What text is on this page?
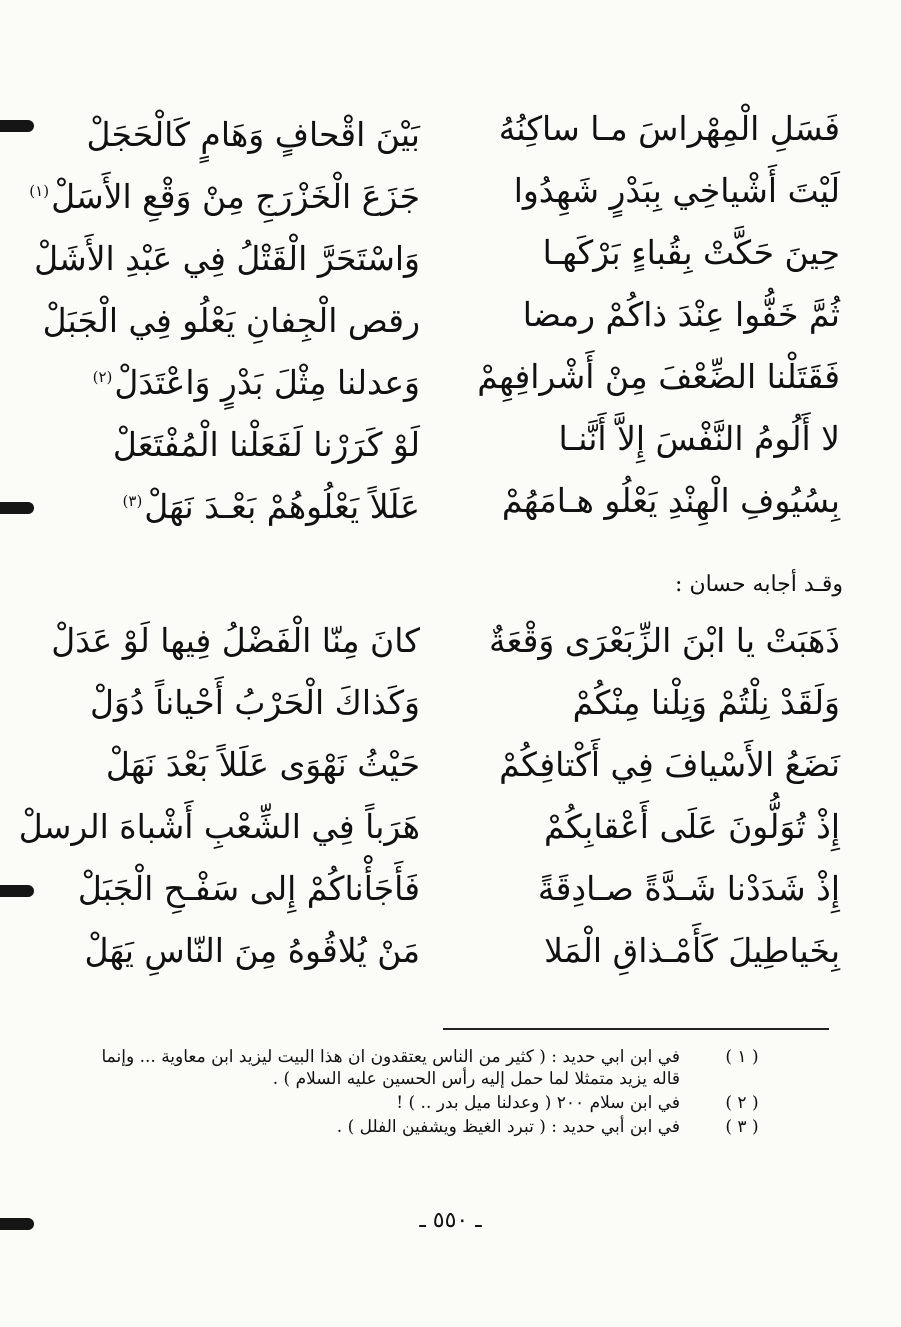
فَسَلِ الْمِهْراسَ مـا ساكِنُهُ
بَيْنَ اقْحافٍ وَهَامٍ كَالْحَجَلْ
لَيْتَ أَشْياخِي بِبَدْرٍ شَهِدُوا
جَزَعَ الْخَزْرَجِ مِنْ وَقْعِ الأَسَلْ$^{(١)}$
حِينَ حَكَّتْ بِقُباءٍ بَرْكَهـا
وَاسْتَحَرَّ الْقَتْلُ فِي عَبْدِ الأَشَلْ
ثُمَّ خَفُّوا عِنْدَ ذاكُمْ رمضا
رقص الْجِفانِ يَعْلُو فِي الْجَبَلْ
فَقَتَلْنا الضِّعْفَ مِنْ أَشْرافِهِمْ
وَعدلنا مِثْلَ بَدْرٍ وَاعْتَدَلْ$^{(٢)}$
لا أَلُومُ النَّفْسَ إِلاَّ أَنَّنـا
لَوْ كَرَرْنا لَفَعَلْنا الْمُفْتَعَلْ
بِسُيُوفِ الْهِنْدِ يَعْلُو هـامَهُمْ
عَلَلاً يَعْلُوهُمْ بَعْـدَ نَهَلْ$^{(٣)}$
وقـد أجابه حسان :
ذَهَبَتْ يا ابْنَ الزِّبَعْرَى وَقْعَةٌ
كانَ مِنّا الْفَضْلُ فِيها لَوْ عَدَلْ
وَلَقَدْ نِلْتُمْ وَنِلْنا مِنْكُمْ
وَكَذاكَ الْحَرْبُ أَحْياناً دُوَلْ
نَضَعُ الأَسْيافَ فِي أَكْتافِكُمْ
حَيْثُ نَهْوَى عَلَلاً بَعْدَ نَهَلْ
إِذْ تُوَلُّونَ عَلَى أَعْقابِكُمْ
هَرَباً فِي الشِّعْبِ أَشْباهَ الرسلْ
إِذْ شَدَدْنا شَـدَّةً صـادِقَةً
فَأَجَأْناكُمْ إِلى سَفْـحِ الْجَبَلْ
بِخَياطِيلَ كَأَمْـذاقِ الْمَلا
مَنْ يُلاقُوهُ مِنَ النّاسِ يَهَلْ
( ١ )
في ابن ابي حديد : ( كثير من الناس يعتقدون ان هذا البيت ليزيد ابن معاوية ... وإنما قاله يزيد متمثلا لما حمل إليه رأس الحسين عليه السلام ) .
( ٢ )
في ابن سلام ٢٠٠ ( وعدلنا ميل بدر .. ) !
( ٣ )
في ابن أبي حديد : ( تبرد الغيظ ويشفين الفلل ) .
ـ ٥٥٠ ـ
